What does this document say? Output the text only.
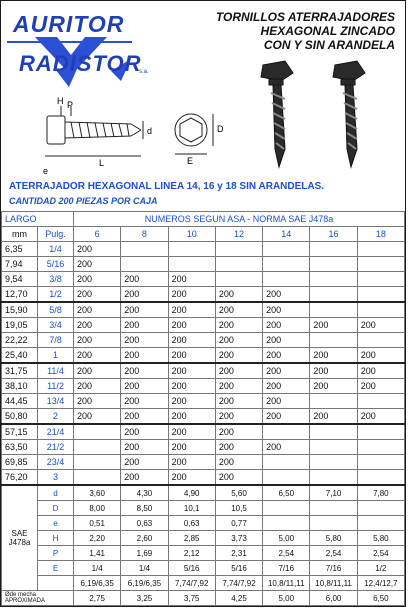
AURITOR
RADISTOR
s.a.
TORNILLOS ATERRAJADORES
HEXAGONAL ZINCADO
CON Y SIN ARANDELA
H P
d	D
E
L
e
ATERRAJADOR HEXAGONAL LINEA 14, 16 y 18 SIN ARANDELAS.
CANTIDAD 200 PIEZAS POR CAJA
LARGO		NUMEROS SEGUN ASA - NORMA SAE J478a						
mm	Pulg.	6	8	10	12	14	16	18
6,35	1/4	200						
7,94	5/16	200						
9,54	3/8	200	200	200				
12,70	1/2	200	200	200	200	200		
15,90	5/8	200	200	200	200	200		
19,05	3/4	200	200	200	200	200	200	200
22,22	7/8	200	200	200	200	200		
25,40	1	200	200	200	200	200	200	200
31,75	11/4	200	200	200	200	200	200	200
38,10	11/2	200	200	200	200	200	200	200
44,45	13/4	200	200	200	200	200		
50,80	2	200	200	200	200	200	200	200
57,15	21/4		200	200	200			
63,50	21/2		200	200	200	200		
69,85	23/4		200	200	200			
76,20	3		200	200	200			
SAE J478a	d	3,60	4,30	4,90	5,60	6,50	7,10	7,80
	D	8,00	8,50	10,1	10,5			
	e	0,51	0,63	0,63	0,77			
	H	2,20	2,60	2,85	3,73	5,00	5,80	5,80
	P	1,41	1,69	2,12	2,31	2,54	2,54	2,54
	E	1/4	1/4	5/16	5/16	7/16	7/16	1/2
		6,19/6,35	6,19/6,35	7,74/7,92	7,74/7,92	10,8/11,11	10,8/11,11	12,4/12,7
Øde mecha APROXIMADA		2,75	3,25	3,75	4,25	5,00	6,00	6,50
